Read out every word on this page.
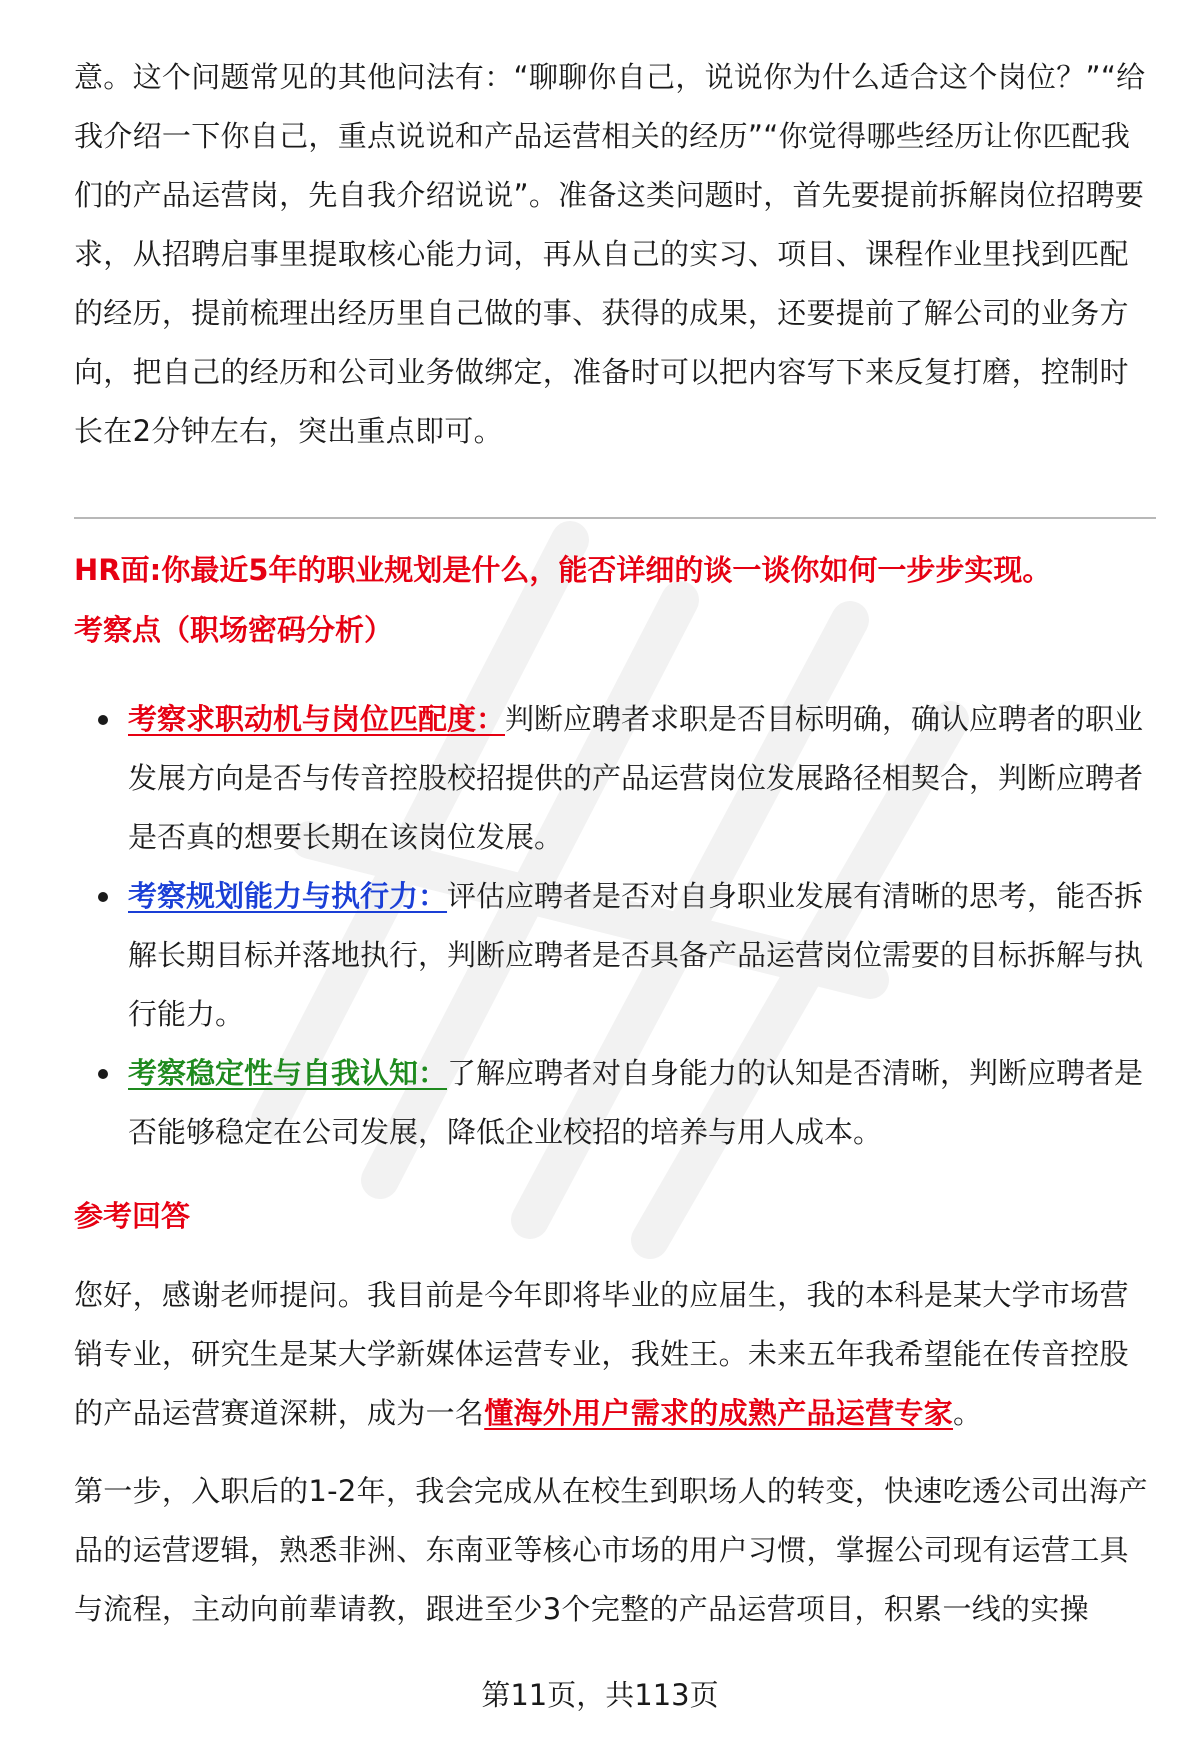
意。这个问题常见的其他问法有：“聊聊你自己，说说你为什么适合这个岗位？”“给我介绍一下你自己，重点说说和产品运营相关的经历”“你觉得哪些经历让你匹配我们的产品运营岗，先自我介绍说说”。准备这类问题时，首先要提前拆解岗位招聘要求，从招聘启事里提取核心能力词，再从自己的实习、项目、课程作业里找到匹配的经历，提前梳理出经历里自己做的事、获得的成果，还要提前了解公司的业务方向，把自己的经历和公司业务做绑定，准备时可以把内容写下来反复打磨，控制时长在2分钟左右，突出重点即可。

HR面:你最近5年的职业规划是什么，能否详细的谈一谈你如何一步步实现。

考察点（职场密码分析）

考察求职动机与岗位匹配度：判断应聘者求职是否目标明确，确认应聘者的职业发展方向是否与传音控股校招提供的产品运营岗位发展路径相契合，判断应聘者是否真的想要长期在该岗位发展。
考察规划能力与执行力：评估应聘者是否对自身职业发展有清晰的思考，能否拆解长期目标并落地执行，判断应聘者是否具备产品运营岗位需要的目标拆解与执行能力。
考察稳定性与自我认知：了解应聘者对自身能力的认知是否清晰，判断应聘者是否能够稳定在公司发展，降低企业校招的培养与用人成本。

参考回答

您好，感谢老师提问。我目前是今年即将毕业的应届生，我的本科是某大学市场营销专业，研究生是某大学新媒体运营专业，我姓王。未来五年我希望能在传音控股的产品运营赛道深耕，成为一名懂海外用户需求的成熟产品运营专家。

第一步，入职后的1-2年，我会完成从在校生到职场人的转变，快速吃透公司出海产品的运营逻辑，熟悉非洲、东南亚等核心市场的用户习惯，掌握公司现有运营工具与流程，主动向前辈请教，跟进至少3个完整的产品运营项目，积累一线的实操

第11页，共113页
